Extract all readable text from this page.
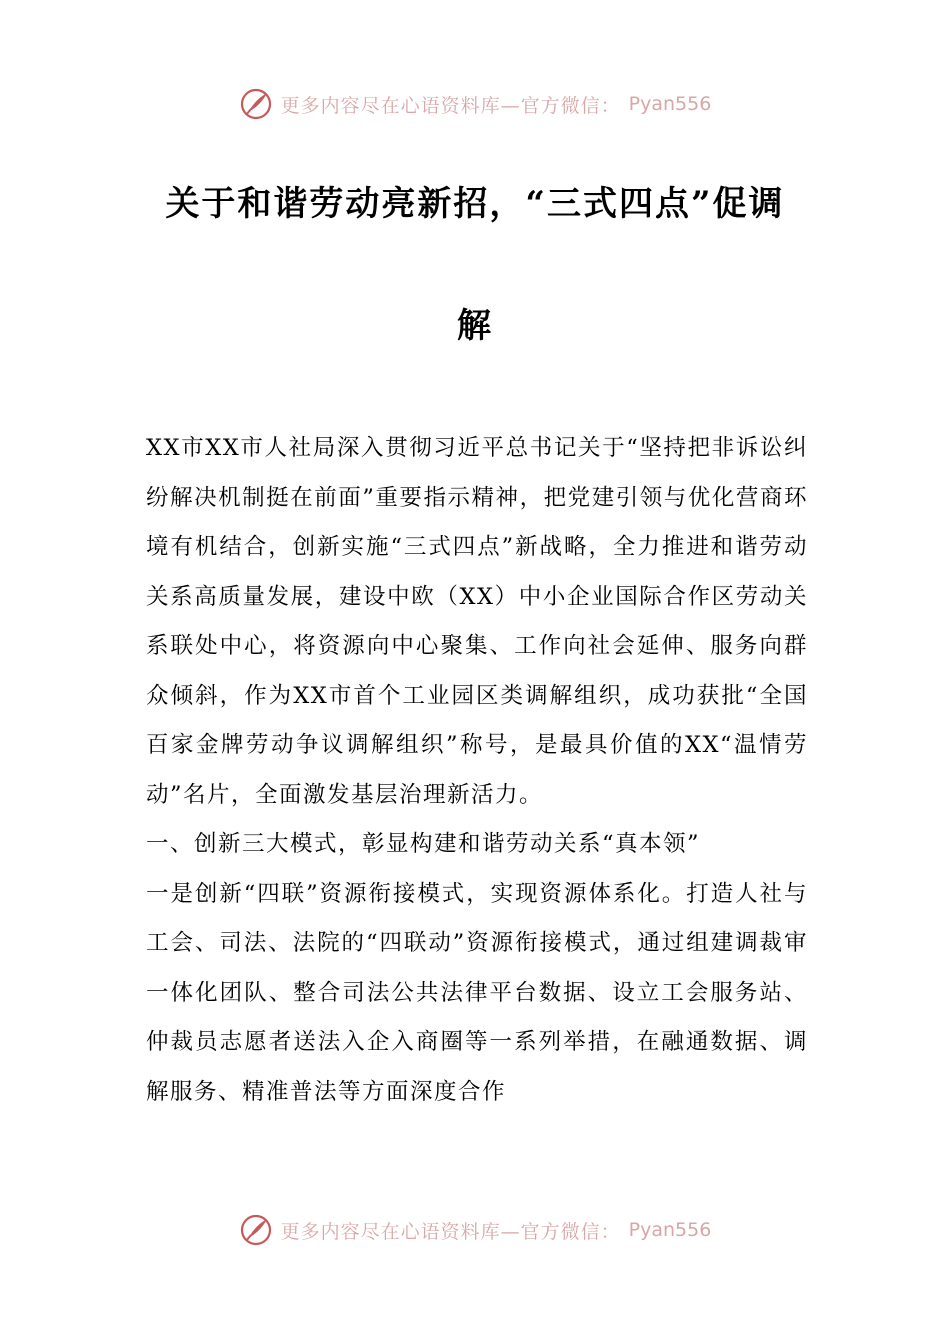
更多内容尽在心语资料库—官方微信： Pyan556
关于和谐劳动亮新招，“三式四点”促调
解

XX市XX市人社局深入贯彻习近平总书记关于“坚持把非诉讼纠纷解决机制挺在前面”重要指示精神，把党建引领与优化营商环境有机结合，创新实施“三式四点”新战略，全力推进和谐劳动关系高质量发展，建设中欧（XX）中小企业国际合作区劳动关系联处中心，将资源向中心聚集、工作向社会延伸、服务向群众倾斜，作为XX市首个工业园区类调解组织，成功获批“全国百家金牌劳动争议调解组织”称号，是最具价值的XX“温情劳动”名片，全面激发基层治理新活力。

一、创新三大模式，彰显构建和谐劳动关系“真本领”

一是创新“四联”资源衔接模式，实现资源体系化。打造人社与工会、司法、法院的“四联动”资源衔接模式，通过组建调裁审一体化团队、整合司法公共法律平台数据、设立工会服务站、仲裁员志愿者送法入企入商圈等一系列举措，在融通数据、调解服务、精准普法等方面深度合作

更多内容尽在心语资料库—官方微信： Pyan556
